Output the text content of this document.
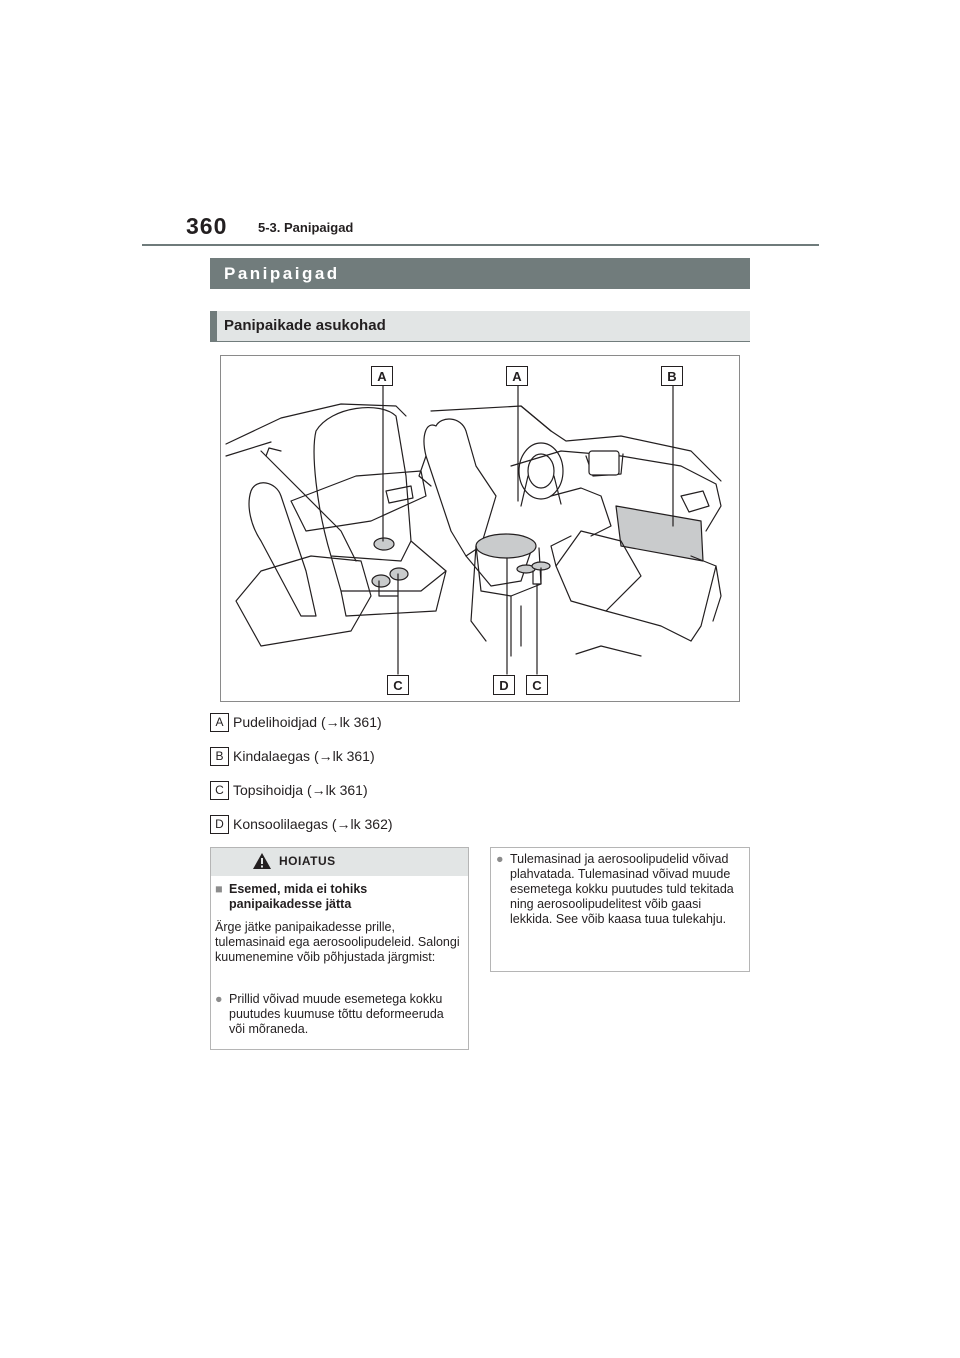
360 5-3. Panipaigad
Panipaigad
Panipaikade asukohad
A	A	B
C	D	C
A Pudelihoidjad (→lk 361)
B Kindalaegas (→lk 361)
C Topsihoidja (→lk 361)
D Konsoolilaegas (→lk 362)
HOIATUS
■ Esemed, mida ei tohiks panipaikadesse jätta
Ärge jätke panipaikadesse prille, tulemasinaid ega aerosoolipudeleid. Salongi kuumenemine võib põhjustada järgmist:
● Prillid võivad muude esemetega kokku puutudes kuumuse tõttu deformeeruda või mõraneda.
● Tulemasinad ja aerosoolipudelid võivad plahvatada. Tulemasinad võivad muude esemetega kokku puutudes tuld tekitada ning aerosoolipudelitest võib gaasi lekkida. See võib kaasa tuua tulekahju.
